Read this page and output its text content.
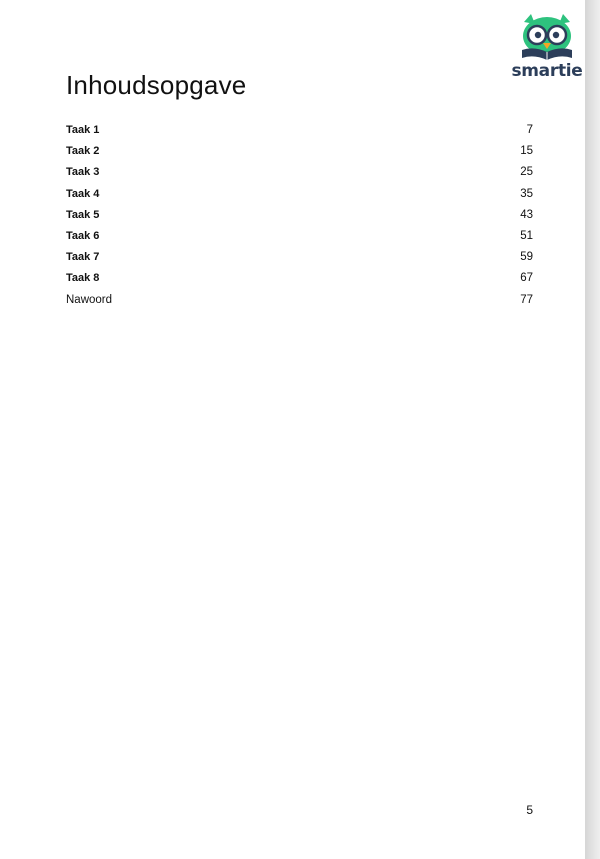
smartie
Inhoudsopgave
Taak 1	7
Taak 2	15
Taak 3	25
Taak 4	35
Taak 5	43
Taak 6	51
Taak 7	59
Taak 8	67
Nawoord	77
5
